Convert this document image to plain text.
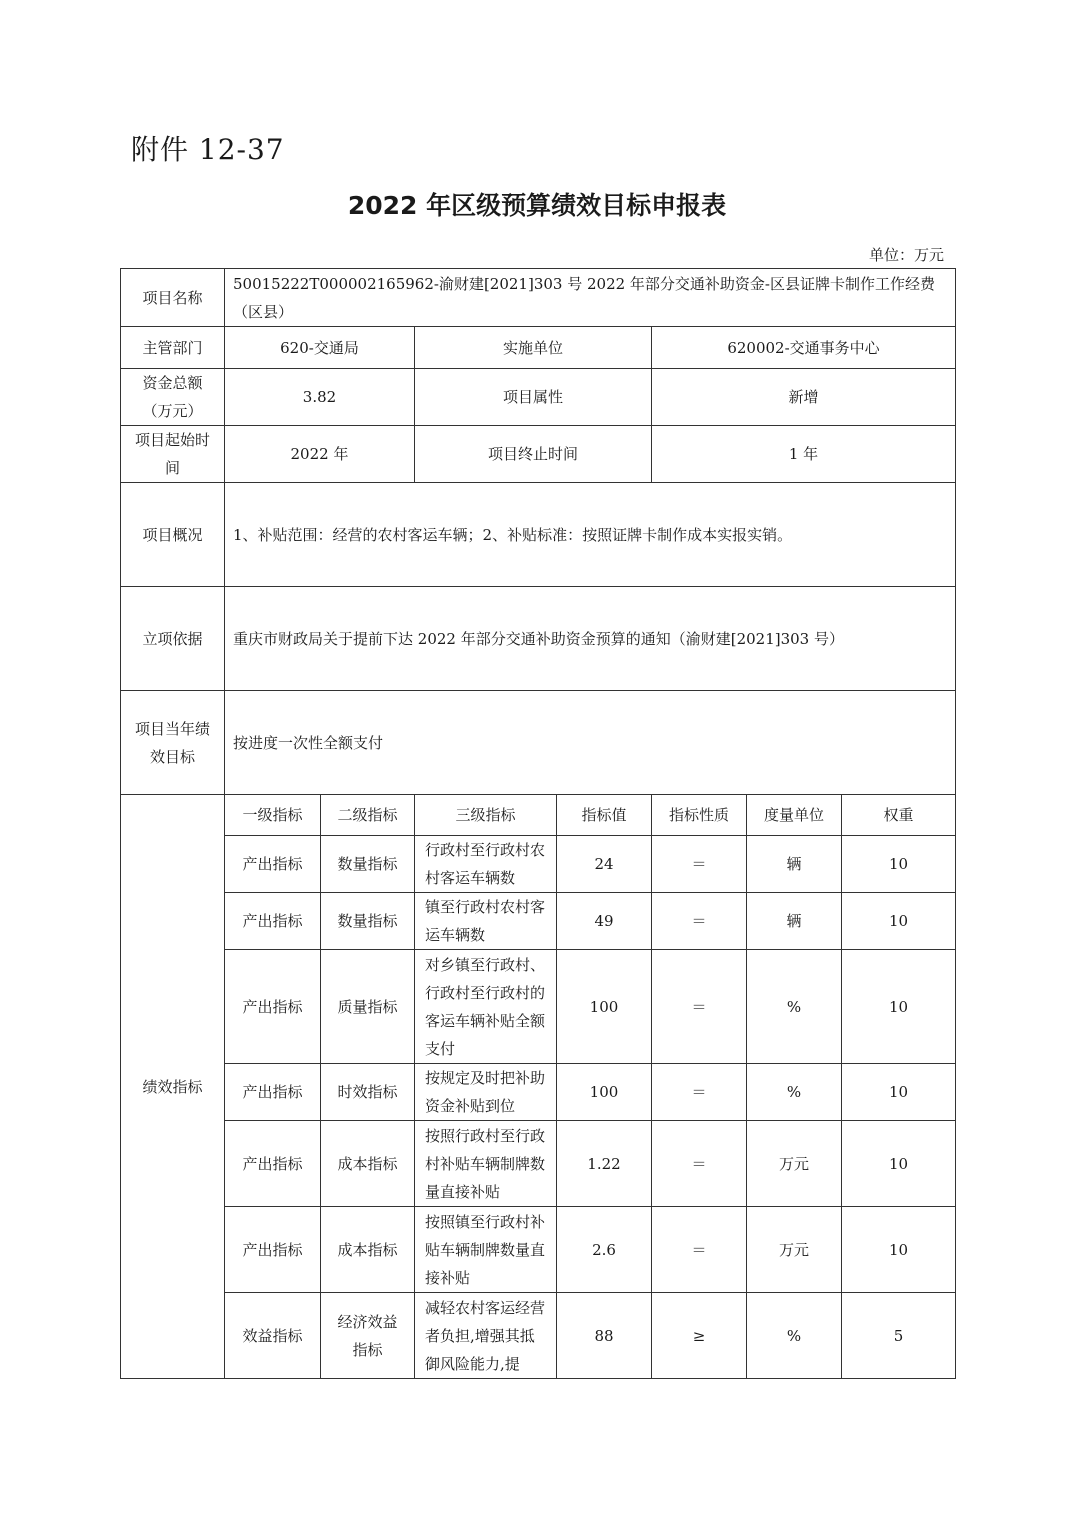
附件 12-37
2022 年区级预算绩效目标申报表
单位：万元
项目名称	50015222T000002165962-渝财建[2021]303 号 2022 年部分交通补助资金-区县证牌卡制作工作经费（区县）						
主管部门	620-交通局		实施单位		620002-交通事务中心		
资金总额（万元）	3.82		项目属性		新增		
项目起始时间	2022 年		项目终止时间		1 年		
项目概况	1、补贴范围：经营的农村客运车辆；2、补贴标准：按照证牌卡制作成本实报实销。						
立项依据	重庆市财政局关于提前下达 2022 年部分交通补助资金预算的通知（渝财建[2021]303 号）						
项目当年绩效目标	按进度一次性全额支付						
绩效指标	一级指标	二级指标	三级指标	指标值	指标性质	度量单位	权重
	产出指标	数量指标	行政村至行政村农村客运车辆数	24	＝	辆	10
	产出指标	数量指标	镇至行政村农村客运车辆数	49	＝	辆	10
	产出指标	质量指标	对乡镇至行政村、行政村至行政村的客运车辆补贴全额支付	100	＝	%	10
	产出指标	时效指标	按规定及时把补助资金补贴到位	100	＝	%	10
	产出指标	成本指标	按照行政村至行政村补贴车辆制牌数量直接补贴	1.22	＝	万元	10
	产出指标	成本指标	按照镇至行政村补贴车辆制牌数量直接补贴	2.6	＝	万元	10
	效益指标	经济效益指标	减轻农村客运经营者负担,增强其抵御风险能力,提	88	≥	%	5
